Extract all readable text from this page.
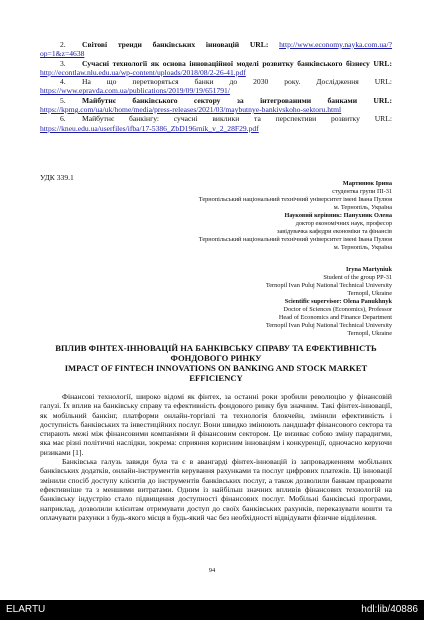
2. Світові тренди банківських інновацій URL: http://www.economy.nayka.com.ua/?op=1&z=4638

3. Сучасні технології як основа інноваційної моделі розвитку банківського бізнесу URL: http://econtlaw.nlu.edu.ua/wp-content/uploads/2018/08/2-26-41.pdf

4. На що перетворяться банки до 2030 року. Дослідження URL: https://www.epravda.com.ua/publications/2019/09/19/651791/

5. Майбутнє банківського сектору за інтегрованими банками URL: https://kpmg.com/ua/uk/home/media/press-releases/2021/03/maybutnye-bankivskoho-sektoru.html

6. Майбутнє банкінгу: сучасні виклики та перспективи розвитку URL: https://kneu.edu.ua/userfiles/ifba/17-5386_ZbD196rnik_v_2_28F29.pdf

УДК 339.1
Мартинюк Ірина
студентка групи ПІ-31
Тернопільський національний технічний університет імені Івана Пулюя
м. Тернопіль, Україна
Науковий керівник: Панухник Олена
доктор економічних наук, професор
завідувачка кафедри економіки та фінансів
Тернопільський національний технічний університет імені Івана Пулюя
м. Тернопіль, Україна
Iryna Martyniuk
Student of the group PP-31
Ternopil Ivan Puluj National Technical University
Ternopil, Ukraine
Scientific supervisor: Olena Panukhnyk
Doctor of Sciences (Economics), Professor
Head of Economics and Finance Department
Ternopil Ivan Puluj National Technical University
Ternopil, Ukraine
ВПЛИВ ФІНТЕХ-ІННОВАЦІЙ НА БАНКІВСЬКУ СПРАВУ ТА ЕФЕКТИВНІСТЬ ФОНДОВОГО РИНКУ
IMPACT OF FINTECH INNOVATIONS ON BANKING AND STOCK MARKET EFFICIENCY

Фінансові технології, широко відомі як фінтех, за останні роки зробили революцію у фінансовій галузі. Їх вплив на банківську справу та ефективність фондового ринку був значним. Такі фінтех-інновації, як мобільний банкінг, платформи онлайн-торгівлі та технологія блокчейн, змінили ефективність і доступність банківських та інвестиційних послуг. Вони швидко змінюють ландшафт фінансового сектора та стирають межі між фінансовими компаніями й фінансовим сектором. Це визиває собою зміну парадигми, яка має різні політичні наслідки, зокрема: сприяння корисним інноваціям і конкуренції, одночасно керуючи ризиками [1].

Банківська галузь завжди була та є в авангарді фінтех-інновацій із запровадженням мобільних банківських додатків, онлайн-інструментів керування рахунками та послуг цифрових платежів. Ці інновації змінили спосіб доступу клієнтів до інструментів банківських послуг, а також дозволили банкам працювати ефективніше та з меншими витратами. Одним із найбільш значних впливів фінансових технологій на банківську індустрію стало підвищення доступності фінансових послуг. Мобільні банківські програми, наприклад, дозволили клієнтам отримувати доступ до своїх банківських рахунків, переказувати кошти та оплачувати рахунки з будь-якого місця в будь-який час без необхідності відвідувати фізичне відділення.

94
ELARTU	hdl:lib/40886
